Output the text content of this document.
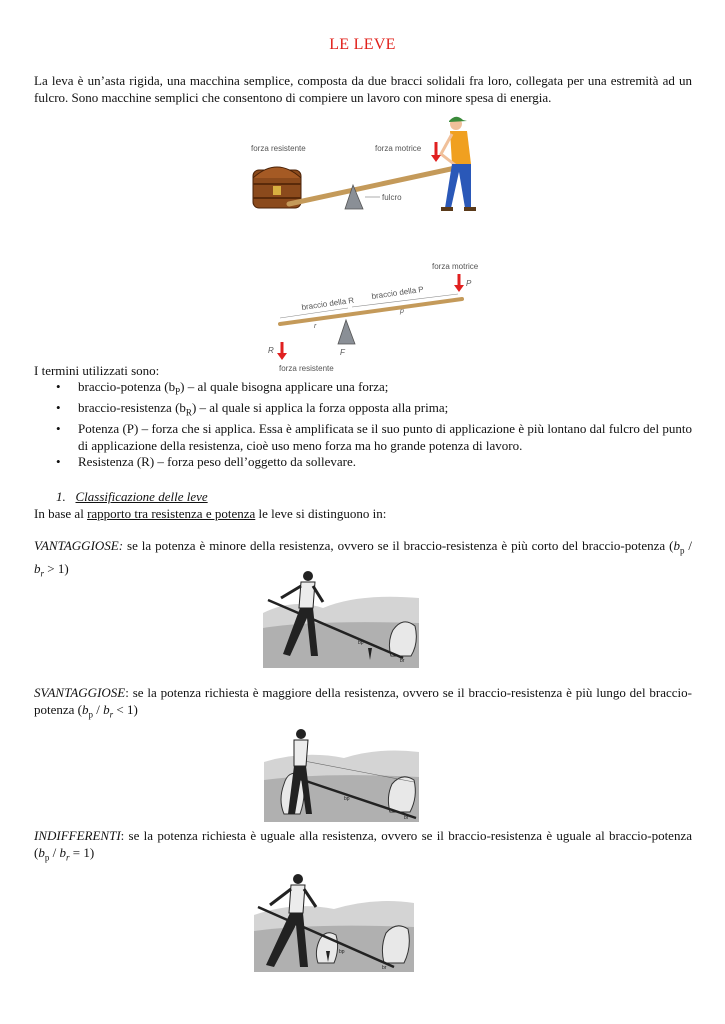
LE LEVE
La leva è un’asta rigida, una macchina semplice, composta da due bracci solidali fra loro, collegata per una estremità ad un fulcro. Sono macchine semplici che consentono di compiere un lavoro con minore spesa di energia.
forza resistente	forza motrice
fulcro
forza motrice
P
braccio della R
braccio della P
r
p
F
R
forza resistente
I termini utilizzati sono:
• braccio-potenza $(b_P)$ – al quale bisogna applicare una forza;
• braccio-resistenza $(b_R)$ – al quale si applica la forza opposta alla prima;
• Potenza (P) – forza che si applica. Essa è amplificata se il suo punto di applicazione è più lontano dal fulcro del punto di applicazione della resistenza, cioè uso meno forza ma ho grande potenza di lavoro.
• Resistenza (R) – forza peso dell’oggetto da sollevare.
1. Classificazione delle leve
In base al rapporto tra resistenza e potenza le leve si distinguono in:
VANTAGGIOSE: se la potenza è minore della resistenza, ovvero se il braccio-resistenza è più corto del braccio-potenza $(b_p / b_r > 1)$
bp
br
SVANTAGGIOSE: se la potenza richiesta è maggiore della resistenza, ovvero se il braccio-resistenza è più lungo del braccio-potenza $(b_p / b_r < 1)$
bp
br
INDIFFERENTI: se la potenza richiesta è uguale alla resistenza, ovvero se il braccio-resistenza è uguale al braccio-potenza $(b_p / b_r = 1)$
bp
br
